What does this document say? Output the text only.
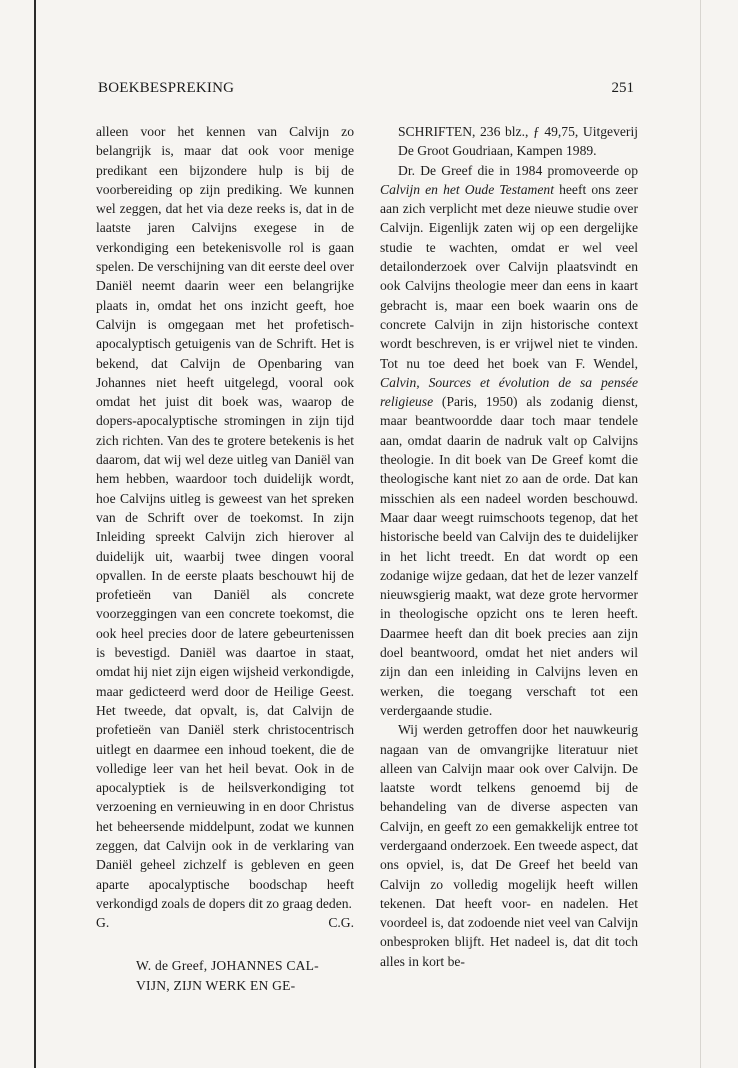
BOEKBESPREKING	251

alleen voor het kennen van Calvijn zo belangrijk is, maar dat ook voor menige predikant een bijzondere hulp is bij de voorbereiding op zijn prediking. We kunnen wel zeggen, dat het via deze reeks is, dat in de laatste jaren Calvijns exegese in de verkondiging een betekenisvolle rol is gaan spelen. De verschijning van dit eerste deel over Daniël neemt daarin weer een belangrijke plaats in, omdat het ons inzicht geeft, hoe Calvijn is omgegaan met het profetisch-apocalyptisch getuigenis van de Schrift. Het is bekend, dat Calvijn de Openbaring van Johannes niet heeft uitgelegd, vooral ook omdat het juist dit boek was, waarop de dopers-apocalyptische stromingen in zijn tijd zich richten. Van des te grotere betekenis is het daarom, dat wij wel deze uitleg van Daniël van hem hebben, waardoor toch duidelijk wordt, hoe Calvijns uitleg is geweest van het spreken van de Schrift over de toekomst. In zijn Inleiding spreekt Calvijn zich hierover al duidelijk uit, waarbij twee dingen vooral opvallen. In de eerste plaats beschouwt hij de profetieën van Daniël als concrete voorzeggingen van een concrete toekomst, die ook heel precies door de latere gebeurtenissen is bevestigd. Daniël was daartoe in staat, omdat hij niet zijn eigen wijsheid verkondigde, maar gedicteerd werd door de Heilige Geest. Het tweede, dat opvalt, is, dat Calvijn de profetieën van Daniël sterk christocentrisch uitlegt en daarmee een inhoud toekent, die de volledige leer van het heil bevat. Ook in de apocalyptiek is de heilsverkondiging tot verzoening en vernieuwing in en door Christus het beheersende middelpunt, zodat we kunnen zeggen, dat Calvijn ook in de verklaring van Daniël geheel zichzelf is gebleven en geen aparte apocalyptische boodschap heeft verkondigd zoals de dopers dit zo graag deden.

G.	C.G.
W. de Greef, JOHANNES CAL-
VIJN, ZIJN WERK EN GE-

SCHRIFTEN, 236 blz., ƒ 49,75, Uitgeverij De Groot Goudriaan, Kampen 1989.

Dr. De Greef die in 1984 promoveerde op Calvijn en het Oude Testament heeft ons zeer aan zich verplicht met deze nieuwe studie over Calvijn. Eigenlijk zaten wij op een dergelijke studie te wachten, omdat er wel veel detailonderzoek over Calvijn plaatsvindt en ook Calvijns theologie meer dan eens in kaart gebracht is, maar een boek waarin ons de concrete Calvijn in zijn historische context wordt beschreven, is er vrijwel niet te vinden. Tot nu toe deed het boek van F. Wendel, Calvin, Sources et évolution de sa pensée religieuse (Paris, 1950) als zodanig dienst, maar beantwoordde daar toch maar tendele aan, omdat daarin de nadruk valt op Calvijns theologie. In dit boek van De Greef komt die theologische kant niet zo aan de orde. Dat kan misschien als een nadeel worden beschouwd. Maar daar weegt ruimschoots tegenop, dat het historische beeld van Calvijn des te duidelijker in het licht treedt. En dat wordt op een zodanige wijze gedaan, dat het de lezer vanzelf nieuwsgierig maakt, wat deze grote hervormer in theologische opzicht ons te leren heeft. Daarmee heeft dan dit boek precies aan zijn doel beantwoord, omdat het niet anders wil zijn dan een inleiding in Calvijns leven en werken, die toegang verschaft tot een verdergaande studie.

Wij werden getroffen door het nauwkeurig nagaan van de omvangrijke literatuur niet alleen van Calvijn maar ook over Calvijn. De laatste wordt telkens genoemd bij de behandeling van de diverse aspecten van Calvijn, en geeft zo een gemakkelijk entree tot verdergaand onderzoek. Een tweede aspect, dat ons opviel, is, dat De Greef het beeld van Calvijn zo volledig mogelijk heeft willen tekenen. Dat heeft voor- en nadelen. Het voordeel is, dat zodoende niet veel van Calvijn onbesproken blijft. Het nadeel is, dat dit toch alles in kort be-
